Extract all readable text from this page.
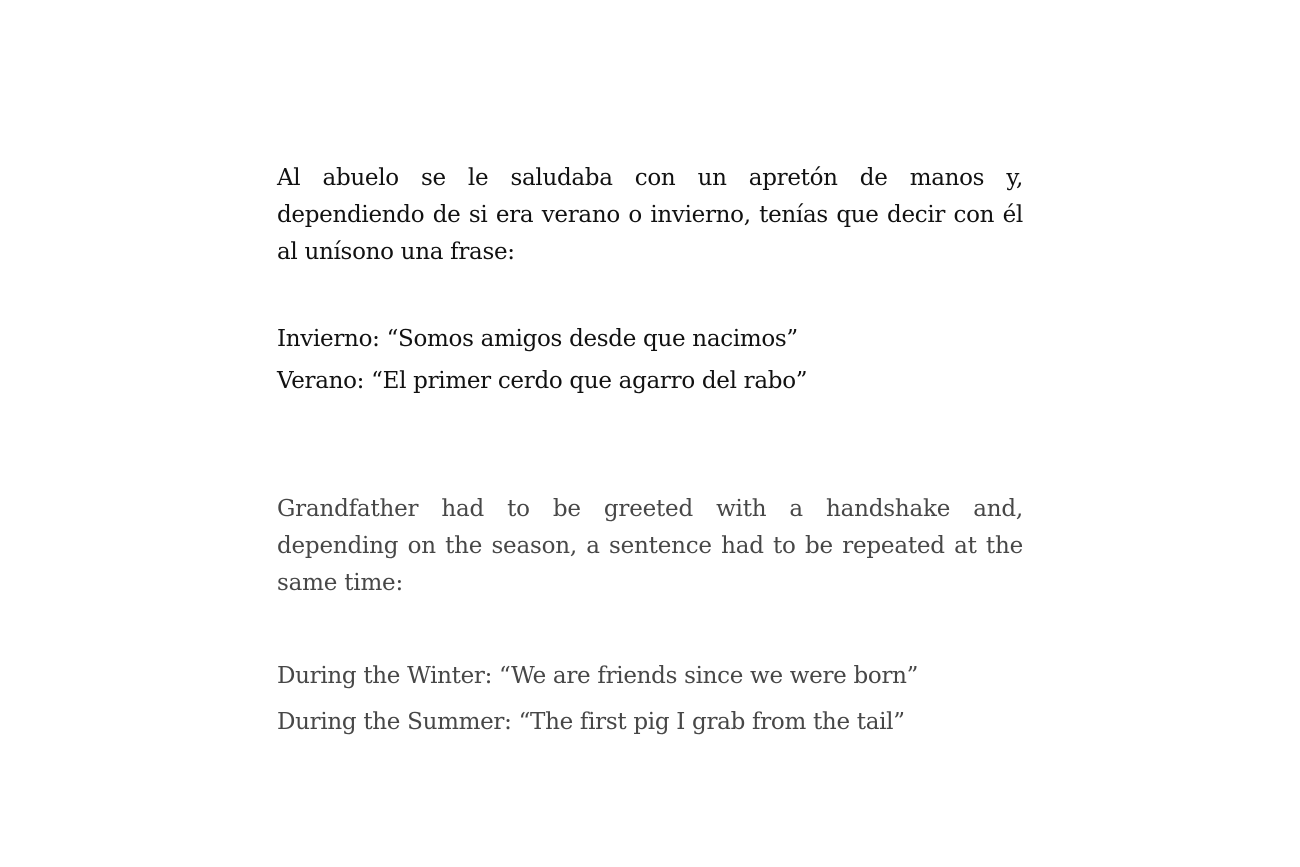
Al abuelo se le saludaba con un apretón de manos y, dependiendo de si era verano o invierno, tenías que decir con él al unísono una frase:

Invierno: “Somos amigos desde que nacimos”
Verano: “El primer cerdo que agarro del rabo”

Grandfather had to be greeted with a handshake and, depending on the season, a sentence had to be repeated at the same time:

During the Winter: “We are friends since we were born”
During the Summer: “The first pig I grab from the tail”
